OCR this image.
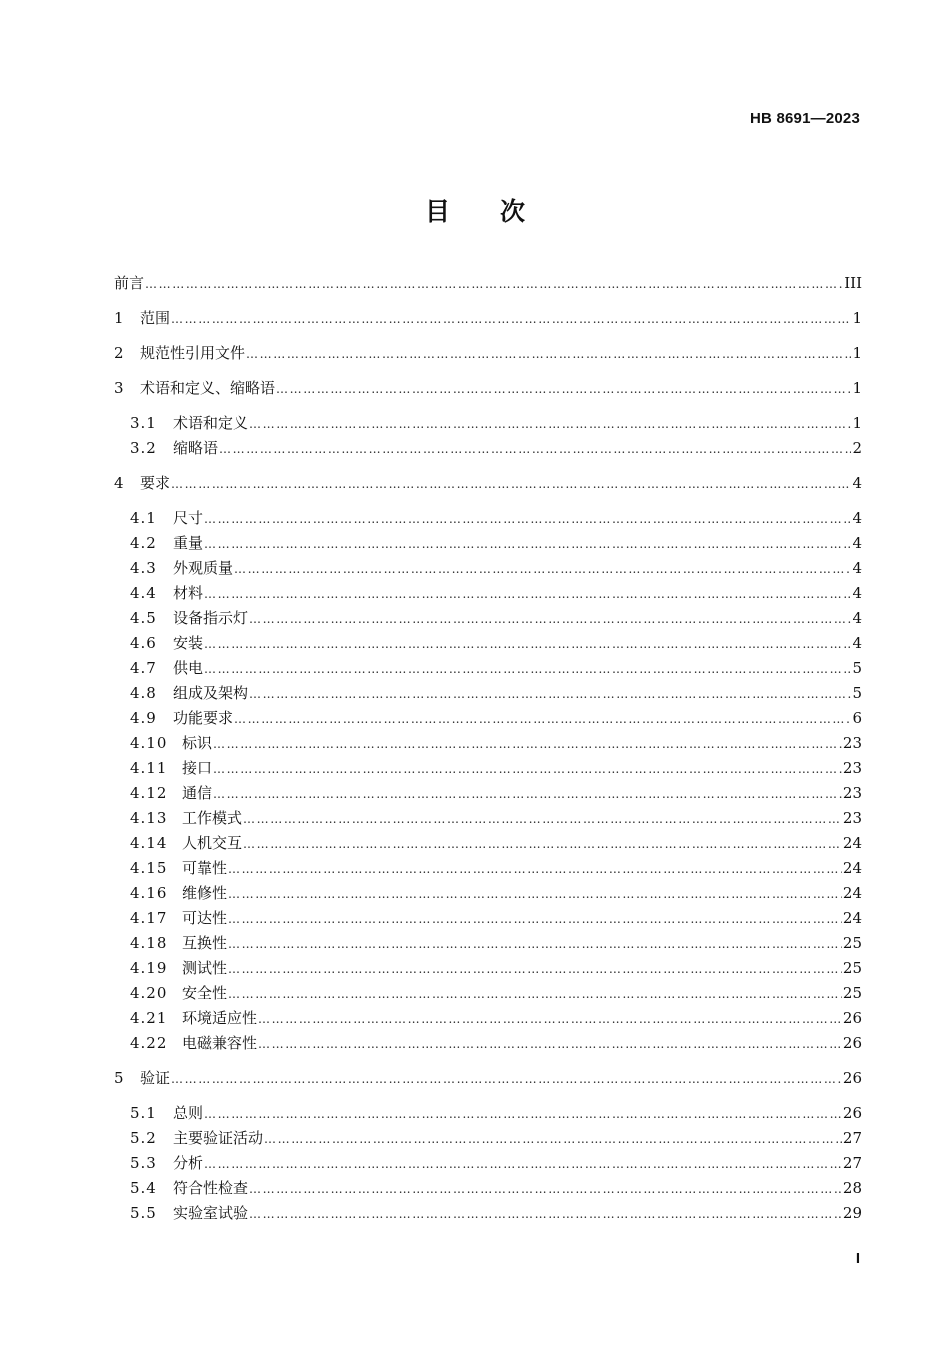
HB 8691—2023
目 次
前言 ……………………………………………………………………………………………………………………………………………………………………………………………………………………………………………………………………	III
1	范围 ……………………………………………………………………………………………………………………………………………………………………………………………………………………………………………………………………	1
2	规范性引用文件 ……………………………………………………………………………………………………………………………………………………………………………………………………………………………………………………………………	1
3	术语和定义、缩略语 ……………………………………………………………………………………………………………………………………………………………………………………………………………………………………………………………………	1
3.1	术语和定义 ……………………………………………………………………………………………………………………………………………………………………………………………………………………………………………………………………	1
3.2	缩略语 ……………………………………………………………………………………………………………………………………………………………………………………………………………………………………………………………………	2
4	要求 ……………………………………………………………………………………………………………………………………………………………………………………………………………………………………………………………………	4
4.1	尺寸 ……………………………………………………………………………………………………………………………………………………………………………………………………………………………………………………………………	4
4.2	重量 ……………………………………………………………………………………………………………………………………………………………………………………………………………………………………………………………………	4
4.3	外观质量 ……………………………………………………………………………………………………………………………………………………………………………………………………………………………………………………………………	4
4.4	材料 ……………………………………………………………………………………………………………………………………………………………………………………………………………………………………………………………………	4
4.5	设备指示灯 ……………………………………………………………………………………………………………………………………………………………………………………………………………………………………………………………………	4
4.6	安装 ……………………………………………………………………………………………………………………………………………………………………………………………………………………………………………………………………	4
4.7	供电 ……………………………………………………………………………………………………………………………………………………………………………………………………………………………………………………………………	5
4.8	组成及架构 ……………………………………………………………………………………………………………………………………………………………………………………………………………………………………………………………………	5
4.9	功能要求 ……………………………………………………………………………………………………………………………………………………………………………………………………………………………………………………………………	6
4.10 标识 ……………………………………………………………………………………………………………………………………………………………………………………………………………………………………………………………………	23
4.11 接口 ……………………………………………………………………………………………………………………………………………………………………………………………………………………………………………………………………	23
4.12 通信 ……………………………………………………………………………………………………………………………………………………………………………………………………………………………………………………………………	23
4.13 工作模式 ……………………………………………………………………………………………………………………………………………………………………………………………………………………………………………………………………	23
4.14 人机交互 ……………………………………………………………………………………………………………………………………………………………………………………………………………………………………………………………………	24
4.15 可靠性 ……………………………………………………………………………………………………………………………………………………………………………………………………………………………………………………………………	24
4.16 维修性 ……………………………………………………………………………………………………………………………………………………………………………………………………………………………………………………………………	24
4.17 可达性 ……………………………………………………………………………………………………………………………………………………………………………………………………………………………………………………………………	24
4.18 互换性 ……………………………………………………………………………………………………………………………………………………………………………………………………………………………………………………………………	25
4.19 测试性 ……………………………………………………………………………………………………………………………………………………………………………………………………………………………………………………………………	25
4.20 安全性 ……………………………………………………………………………………………………………………………………………………………………………………………………………………………………………………………………	25
4.21 环境适应性 ……………………………………………………………………………………………………………………………………………………………………………………………………………………………………………………………………	26
4.22 电磁兼容性 ……………………………………………………………………………………………………………………………………………………………………………………………………………………………………………………………………	26
5	验证 ……………………………………………………………………………………………………………………………………………………………………………………………………………………………………………………………………	26
5.1	总则 ……………………………………………………………………………………………………………………………………………………………………………………………………………………………………………………………………	26
5.2	主要验证活动 ……………………………………………………………………………………………………………………………………………………………………………………………………………………………………………………………………	27
5.3	分析 ……………………………………………………………………………………………………………………………………………………………………………………………………………………………………………………………………	27
5.4	符合性检查 ……………………………………………………………………………………………………………………………………………………………………………………………………………………………………………………………………	28
5.5	实验室试验 ……………………………………………………………………………………………………………………………………………………………………………………………………………………………………………………………………	29
I
